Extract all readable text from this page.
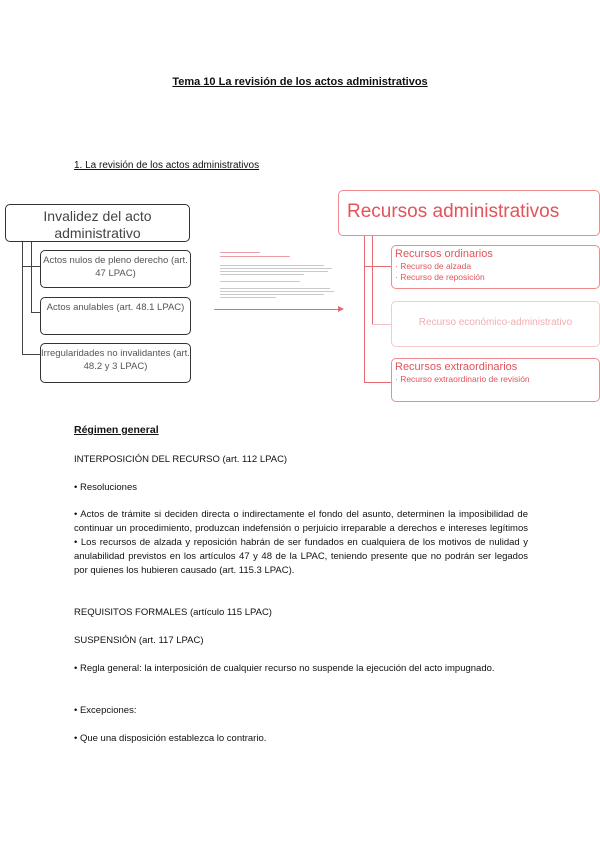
Tema 10 La revisión de los actos administrativos
1. La revisión de los actos administrativos
Invalidez del acto administrativo
Actos nulos de pleno derecho (art. 47 LPAC)
Actos anulables (art. 48.1 LPAC)
Irregularidades no invalidantes (art. 48.2 y 3 LPAC)
Recursos administrativos
Recursos ordinarios
· Recurso de alzada
· Recurso de reposición
Recurso económico-administrativo
Recursos extraordinarios
· Recurso extraordinario de revisión
Régimen general
INTERPOSICIÓN DEL RECURSO (art. 112 LPAC)
• Resoluciones
• Actos de trámite si deciden directa o indirectamente el fondo del asunto, determinen la imposibilidad de continuar un procedimiento, produzcan indefensión o perjuicio irreparable a derechos e intereses legítimos • Los recursos de alzada y reposición habrán de ser fundados en cualquiera de los motivos de nulidad y anulabilidad previstos en los artículos 47 y 48 de la LPAC, teniendo presente que no podrán ser legados por quienes los hubieren causado (art. 115.3 LPAC).
REQUISITOS FORMALES (artículo 115 LPAC)
SUSPENSIÓN (art. 117 LPAC)
• Regla general: la interposición de cualquier recurso no suspende la ejecución del acto impugnado.
• Excepciones:
• Que una disposición establezca lo contrario.
